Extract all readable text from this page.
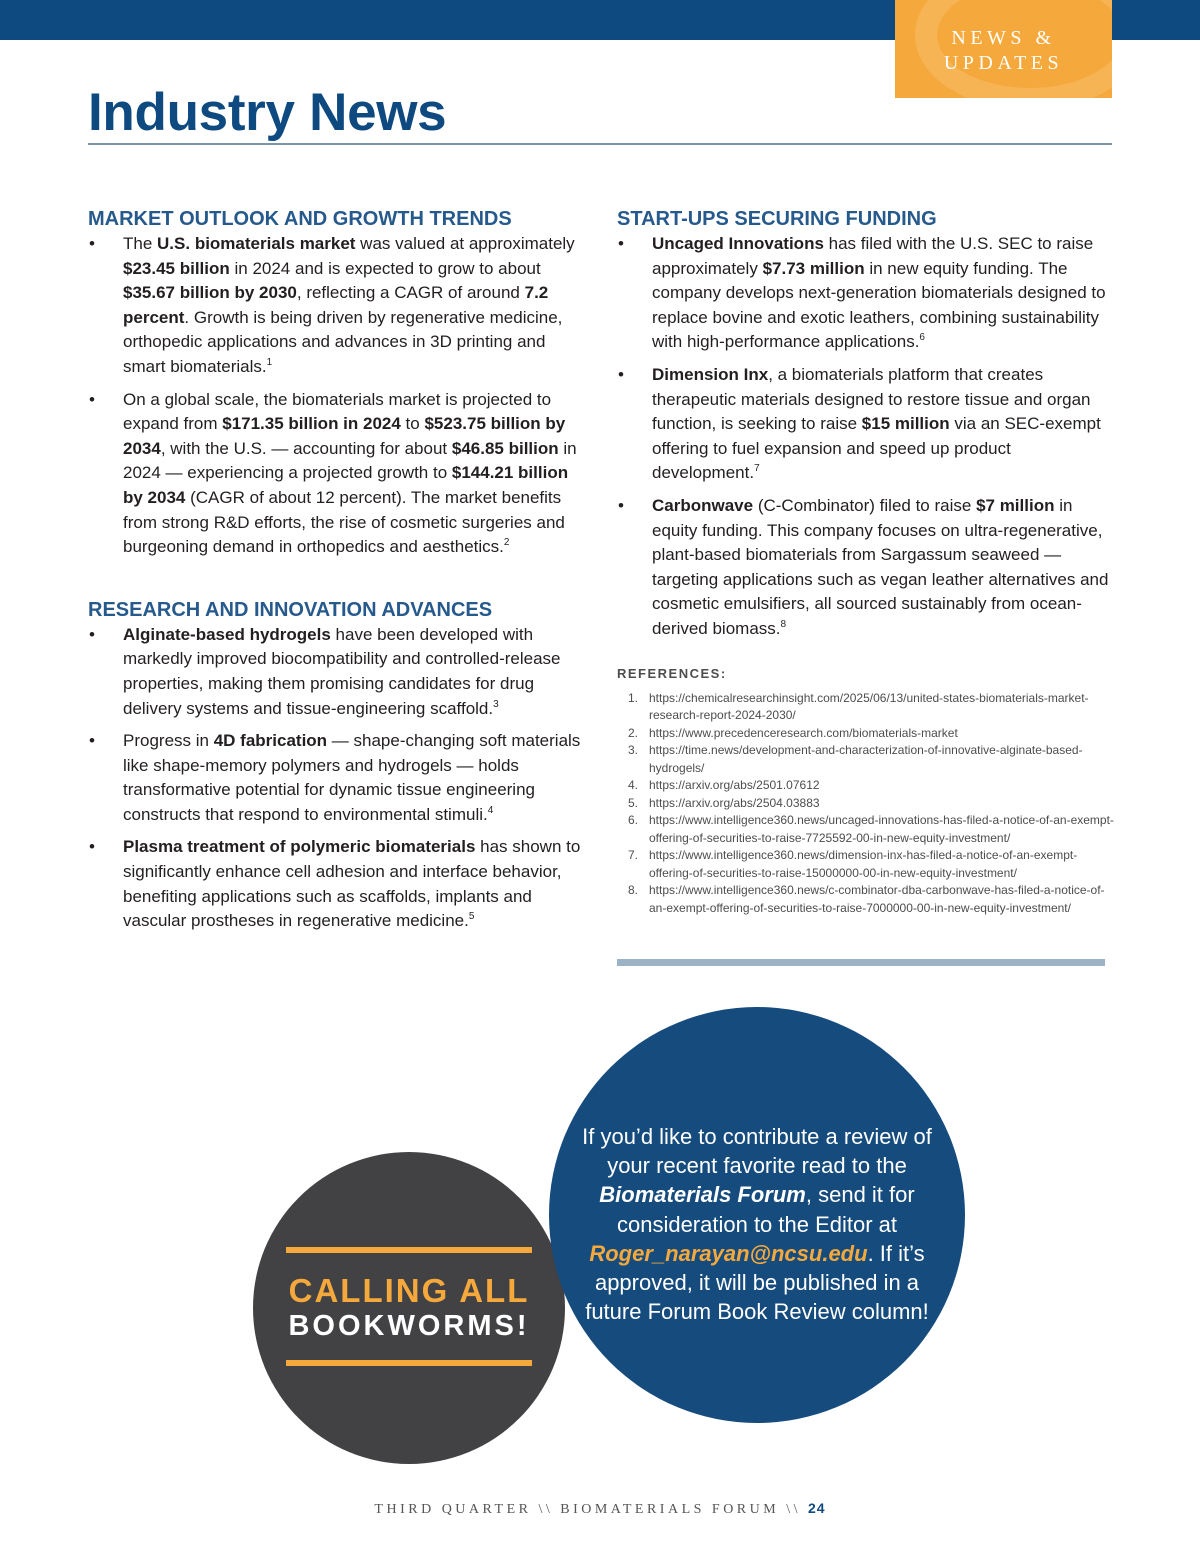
NEWS &
UPDATES
Industry News
MARKET OUTLOOK AND GROWTH TRENDS
• The U.S. biomaterials market was valued at approximately $23.45 billion in 2024 and is expected to grow to about $35.67 billion by 2030, reflecting a CAGR of around 7.2 percent. Growth is being driven by regenerative medicine, orthopedic applications and advances in 3D printing and smart biomaterials.$^1$
• On a global scale, the biomaterials market is projected to expand from $171.35 billion in 2024 to $523.75 billion by 2034, with the U.S. — accounting for about $46.85 billion in 2024 — experiencing a projected growth to $144.21 billion by 2034 (CAGR of about 12 percent). The market benefits from strong R&D efforts, the rise of cosmetic surgeries and burgeoning demand in orthopedics and aesthetics.$^2$
RESEARCH AND INNOVATION ADVANCES
• Alginate-based hydrogels have been developed with markedly improved biocompatibility and controlled-release properties, making them promising candidates for drug delivery systems and tissue-engineering scaffold.$^3$
• Progress in 4D fabrication — shape-changing soft materials like shape-memory polymers and hydrogels — holds transformative potential for dynamic tissue engineering constructs that respond to environmental stimuli.$^4$
• Plasma treatment of polymeric biomaterials has shown to significantly enhance cell adhesion and interface behavior, benefiting applications such as scaffolds, implants and vascular prostheses in regenerative medicine.$^5$
START-UPS SECURING FUNDING
• Uncaged Innovations has filed with the U.S. SEC to raise approximately $7.73 million in new equity funding. The company develops next-generation biomaterials designed to replace bovine and exotic leathers, combining sustainability with high-performance applications.$^6$
• Dimension Inx, a biomaterials platform that creates therapeutic materials designed to restore tissue and organ function, is seeking to raise $15 million via an SEC-exempt offering to fuel expansion and speed up product development.$^7$
• Carbonwave (C-Combinator) filed to raise $7 million in equity funding. This company focuses on ultra-regenerative, plant-based biomaterials from Sargassum seaweed — targeting applications such as vegan leather alternatives and cosmetic emulsifiers, all sourced sustainably from ocean-derived biomass.$^8$
REFERENCES:
1. https://chemicalresearchinsight.com/2025/06/13/united-states-biomaterials-market-research-report-2024-2030/
2. https://www.precedenceresearch.com/biomaterials-market
3. https://time.news/development-and-characterization-of-innovative-alginate-based-hydrogels/
4. https://arxiv.org/abs/2501.07612
5. https://arxiv.org/abs/2504.03883
6. https://www.intelligence360.news/uncaged-innovations-has-filed-a-notice-of-an-exempt-offering-of-securities-to-raise-7725592-00-in-new-equity-investment/
7. https://www.intelligence360.news/dimension-inx-has-filed-a-notice-of-an-exempt-offering-of-securities-to-raise-15000000-00-in-new-equity-investment/
8. https://www.intelligence360.news/c-combinator-dba-carbonwave-has-filed-a-notice-of-an-exempt-offering-of-securities-to-raise-7000000-00-in-new-equity-investment/
CALLING ALL
BOOKWORMS!
If you’d like to contribute a review of your recent favorite read to the Biomaterials Forum, send it for consideration to the Editor at Roger_narayan@ncsu.edu. If it’s approved, it will be published in a future Forum Book Review column!
THIRD QUARTER \\ BIOMATERIALS FORUM \\ 24
